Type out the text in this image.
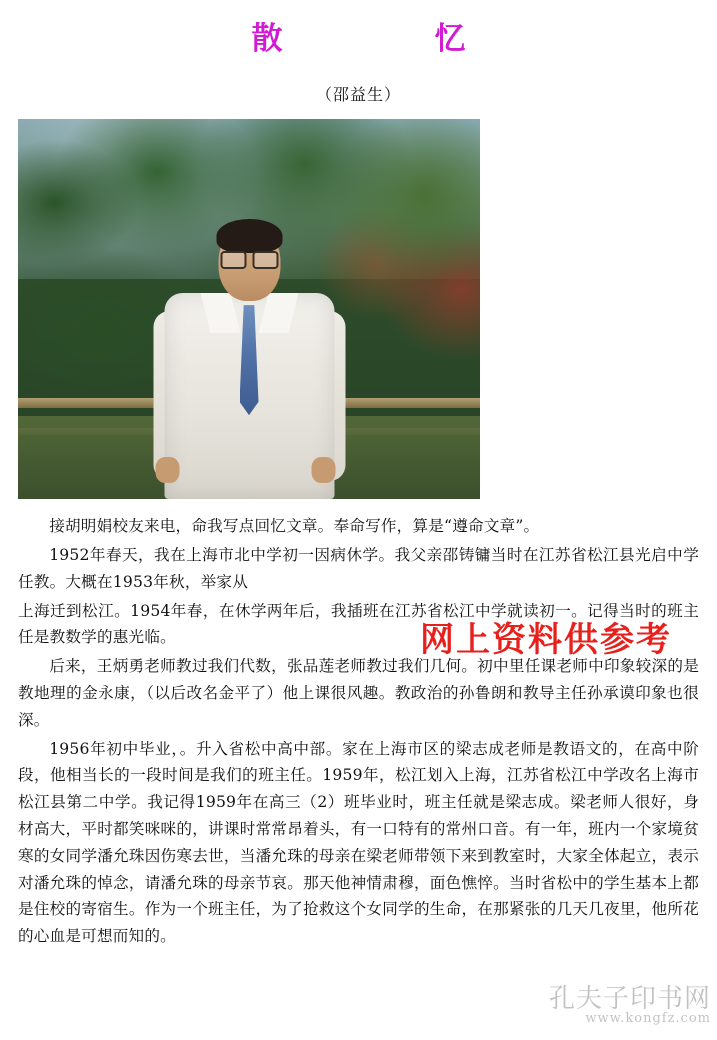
散　　忆
（邵益生）

接胡明娟校友来电，命我写点回忆文章。奉命写作，算是“遵命文章”。

1952年春天，我在上海市北中学初一因病休学。我父亲邵铸镛当时在江苏省松江县光启中学任教。大概在1953年秋，举家从

上海迁到松江。1954年春，在休学两年后，我插班在江苏省松江中学就读初一。记得当时的班主任是教数学的惠光临。

后来，王炳勇老师教过我们代数，张品莲老师教过我们几何。初中里任课老师中印象较深的是教地理的金永康，（以后改名金平了）他上课很风趣。教政治的孙鲁朗和教导主任孙承谟印象也很深。

1956年初中毕业，。升入省松中高中部。家在上海市区的梁志成老师是教语文的，在高中阶段，他相当长的一段时间是我们的班主任。1959年，松江划入上海，江苏省松江中学改名上海市松江县第二中学。我记得1959年在高三（2）班毕业时，班主任就是梁志成。梁老师人很好，身材高大，平时都笑咪咪的，讲课时常常昂着头，有一口特有的常州口音。有一年，班内一个家境贫寒的女同学潘允珠因伤寒去世，当潘允珠的母亲在梁老师带领下来到教室时，大家全体起立，表示对潘允珠的悼念，请潘允珠的母亲节哀。那天他神情肃穆，面色憔悴。当时省松中的学生基本上都是住校的寄宿生。作为一个班主任，为了抢救这个女同学的生命，在那紧张的几天几夜里，他所花的心血是可想而知的。

网上资料供参考
孔夫子印书网
www.kongfz.com
